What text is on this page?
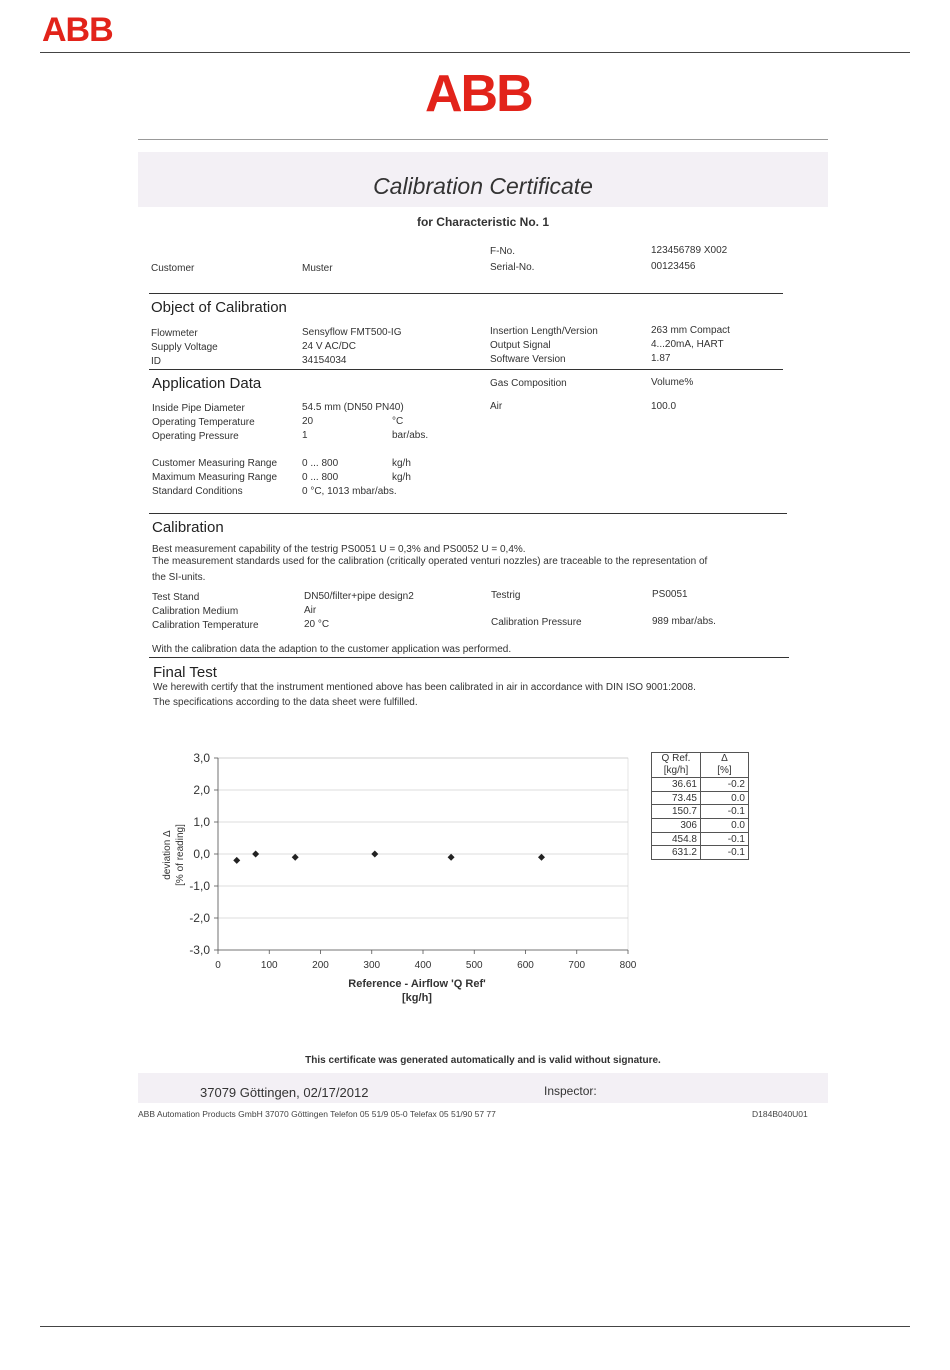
ABB
ABB
Calibration Certificate
for Characteristic No. 1
Customer	Muster
F-No.	123456789 X002
Serial-No.	00123456
Object of Calibration
Flowmeter	Sensyflow FMT500-IG	Insertion Length/Version	263 mm Compact
Supply Voltage	24 V AC/DC	Output Signal	4...20mA, HART
ID	34154034	Software Version	1.87
Application Data	Gas Composition	Volume%
Air	100.0
Inside Pipe Diameter	54.5 mm (DN50 PN40)
Operating Temperature	20	°C
Operating Pressure	1	bar/abs.
Customer Measuring Range 0 ... 800	kg/h
Maximum Measuring Range 0 ... 800	kg/h
Standard Conditions	0 °C, 1013 mbar/abs.
Calibration
Best measurement capability of the testrig PS0051 U = 0,3% and PS0052 U = 0,4%.
The measurement standards used for the calibration (critically operated venturi nozzles) are traceable to the representation of
the SI-units.
Test Stand	DN50/filter+pipe design2	Testrig	PS0051
Calibration Medium	Air
Calibration Temperature	20 °C	Calibration Pressure	989 mbar/abs.
With the calibration data the adaption to the customer application was performed.
Final Test
We herewith certify that the instrument mentioned above has been calibrated in air in accordance with DIN ISO 9001:2008.
The specifications according to the data sheet were fulfilled.
3,0
2,0
1,0
0,0
-1,0
-2,0
-3,0
0	100	200	300	400	500	600	700	800
Reference - Airflow 'Q Ref'
[kg/h]
deviation Δ [% of reading]
Q Ref.
[kg/h]	Δ
[%]
36.61	-0.2
73.45	0.0
150.7	-0.1
306	0.0
454.8	-0.1
631.2	-0.1
This certificate was generated automatically and is valid without signature.
37079 Göttingen, 02/17/2012	Inspector:
ABB Automation Products GmbH 37070 Göttingen Telefon 05 51/9 05-0 Telefax 05 51/90 57 77	D184B040U01
